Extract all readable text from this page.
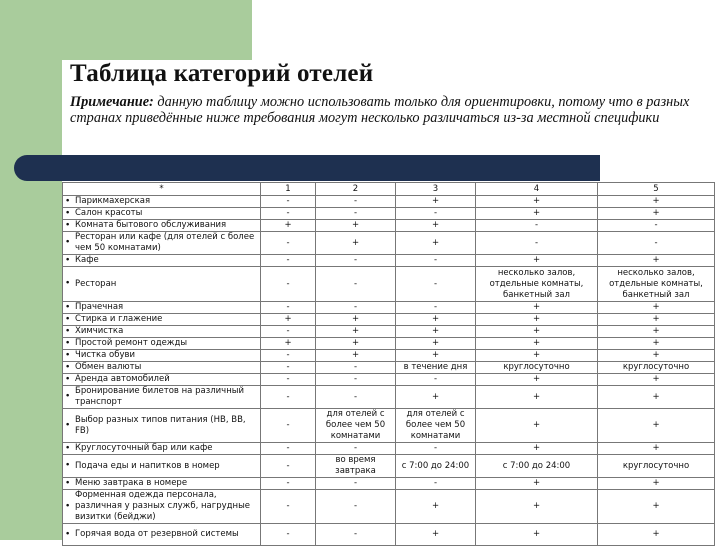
Таблица категорий отелей

Примечание: данную таблицу можно использовать только для ориентировки, потому что в разных странах приведённые ниже требования могут несколько различаться из-за местной специфики

*	1	2	3	4	5
• Парикмахерская	-	-	+	+	+
• Салон красоты	-	-	-	+	+
• Комната бытового обслуживания	+	+	+	-	-
• Ресторан или кафе (для отелей с более чем 50 комнатами)	-	+	+	-	-
• Кафе	-	-	-	+	+
• Ресторан	-	-	-	несколько залов, отдельные комнаты, банкетный зал	несколько залов, отдельные комнаты, банкетный зал
• Прачечная	-	-	-	+	+
• Стирка и глажение	+	+	+	+	+
• Химчистка	-	+	+	+	+
• Простой ремонт одежды	+	+	+	+	+
• Чистка обуви	-	+	+	+	+
• Обмен валюты	-	-	в течение дня	круглосуточно	круглосуточно
• Аренда автомобилей	-	-	-	+	+
• Бронирование билетов на различный транспорт	-	-	+	+	+
• Выбор разных типов питания (НВ, ВВ, FB)	-	для отелей с более чем 50 комнатами	для отелей с более чем 50 комнатами	+	+
• Круглосуточный бар или кафе	-	-	-	+	+
• Подача еды и напитков в номер	-	во время завтрака	с 7:00 до 24:00	с 7:00 до 24:00	круглосуточно
• Меню завтрака в номере	-	-	-	+	+
• Форменная одежда персонала, различная у разных служб, нагрудные визитки (бейджи)	-	-	+	+	+
• Горячая вода от резервной системы	-	-	+	+	+
